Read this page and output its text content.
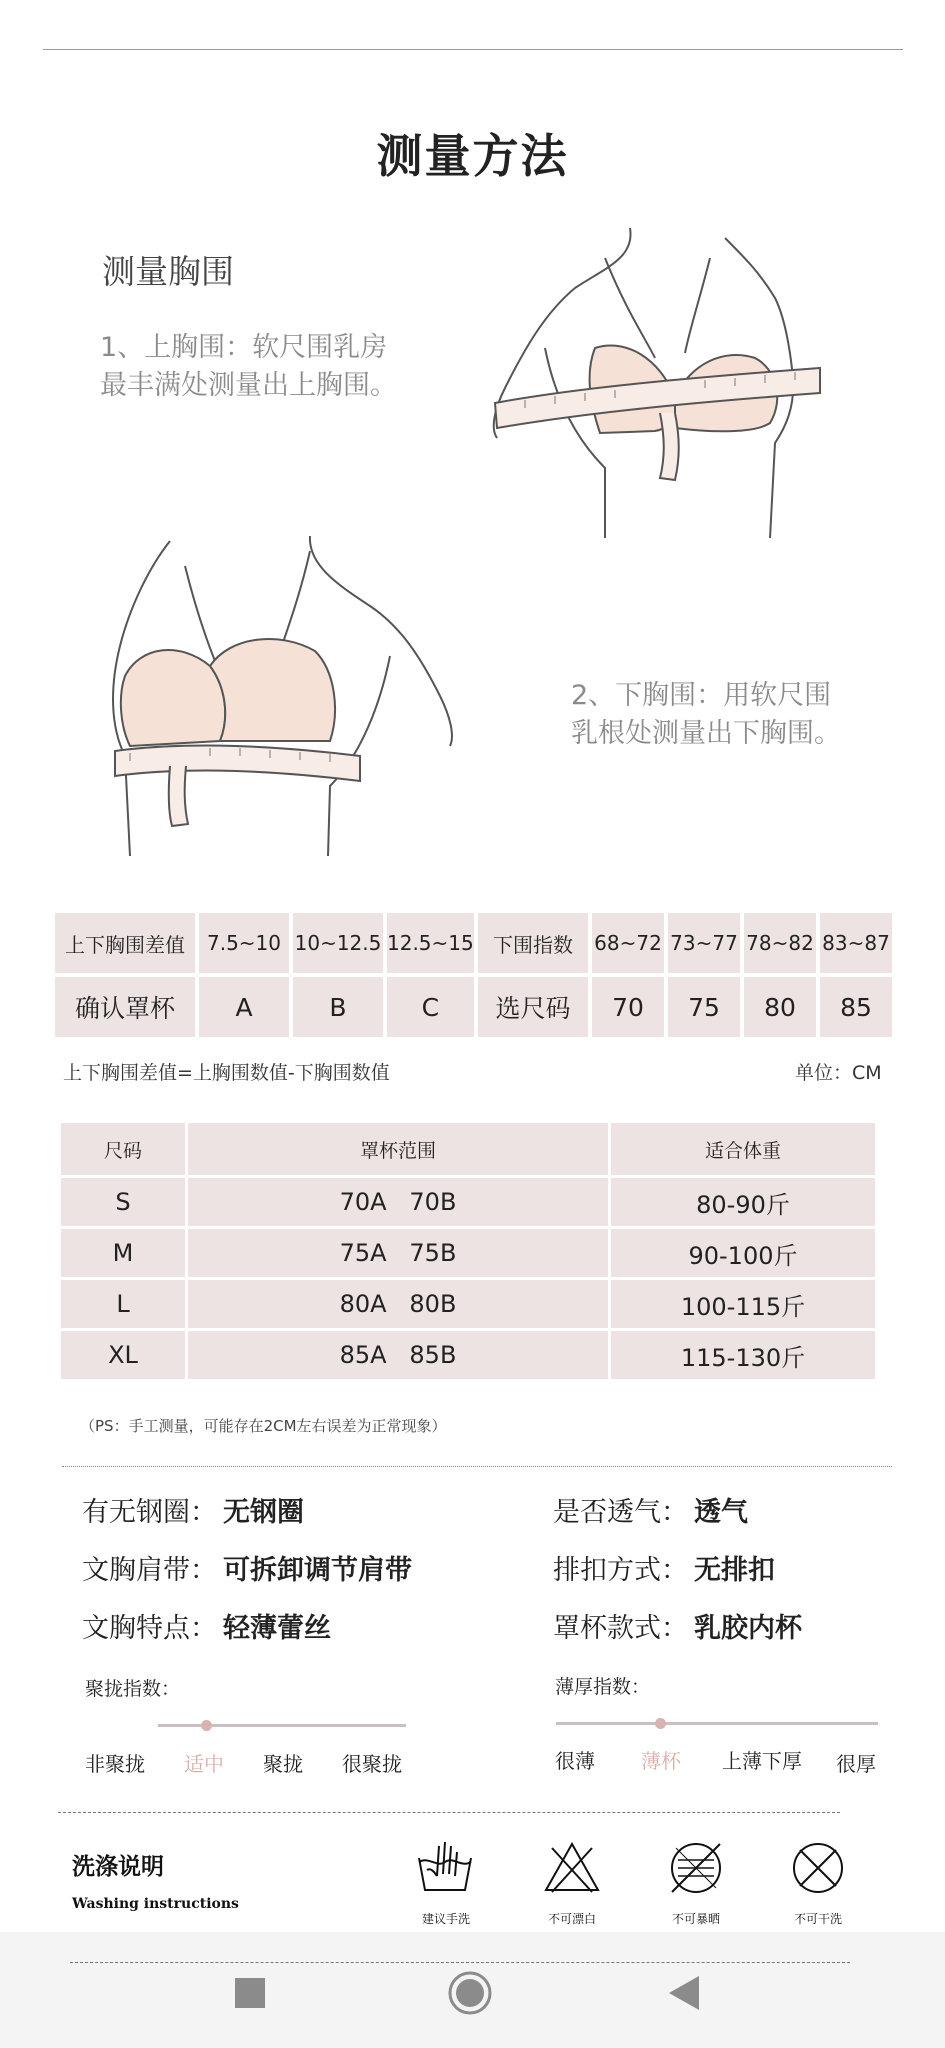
测量方法
测量胸围
1、上胸围：软尺围乳房
最丰满处测量出上胸围。
2、下胸围：用软尺围
乳根处测量出下胸围。
上下胸围差值	7.5~10	10~12.5	12.5~15
确认罩杯	A	B	C
下围指数	68~72	73~77	78~82	83~87
选尺码	70	75	80	85
上下胸围差值=上胸围数值-下胸围数值	单位：CM
尺码	罩杯范围	适合体重
S	70A   70B	80-90斤
M	75A   75B	90-100斤
L	80A   80B	100-115斤
XL	85A   85B	115-130斤
（PS：手工测量，可能存在2CM左右误差为正常现象）
有无钢圈： 无钢圈	是否透气： 透气
文胸肩带： 可拆卸调节肩带	排扣方式： 无排扣
文胸特点： 轻薄蕾丝	罩杯款式： 乳胶内杯
聚拢指数：
非聚拢 适中 聚拢 很聚拢
薄厚指数：
很薄 薄杯 上薄下厚 很厚
洗涤说明
Washing instructions
建议手洗	不可漂白	不可暴晒	不可干洗
